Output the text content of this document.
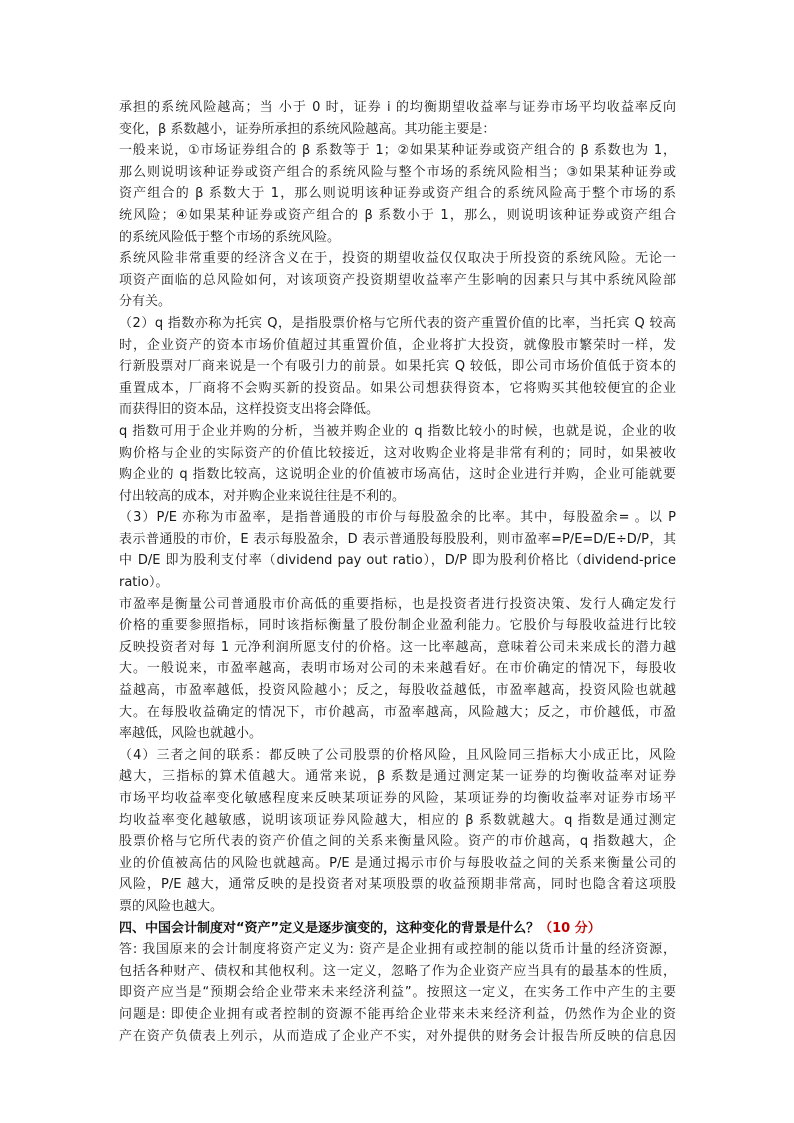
承担的系统风险越高；当 小于 0 时，证券 i 的均衡期望收益率与证券市场平均收益率反向
变化，β 系数越小，证券所承担的系统风险越高。其功能主要是：
一般来说，①市场证券组合的 β 系数等于 1；②如果某种证券或资产组合的 β 系数也为 1，
那么则说明该种证券或资产组合的系统风险与整个市场的系统风险相当；③如果某种证券或
资产组合的 β 系数大于 1，那么则说明该种证券或资产组合的系统风险高于整个市场的系
统风险；④如果某种证券或资产组合的 β 系数小于 1，那么，则说明该种证券或资产组合
的系统风险低于整个市场的系统风险。
系统风险非常重要的经济含义在于，投资的期望收益仅仅取决于所投资的系统风险。无论一
项资产面临的总风险如何，对该项资产投资期望收益率产生影响的因素只与其中系统风险部
分有关。
（2）q 指数亦称为托宾 Q，是指股票价格与它所代表的资产重置价值的比率，当托宾 Q 较高
时，企业资产的资本市场价值超过其重置价值，企业将扩大投资，就像股市繁荣时一样，发
行新股票对厂商来说是一个有吸引力的前景。如果托宾 Q 较低，即公司市场价值低于资本的
重置成本，厂商将不会购买新的投资品。如果公司想获得资本，它将购买其他较便宜的企业
而获得旧的资本品，这样投资支出将会降低。
q 指数可用于企业并购的分析，当被并购企业的 q 指数比较小的时候，也就是说，企业的收
购价格与企业的实际资产的价值比较接近，这对收购企业将是非常有利的；同时，如果被收
购企业的 q 指数比较高，这说明企业的价值被市场高估，这时企业进行并购，企业可能就要
付出较高的成本，对并购企业来说往往是不利的。
（3）P/E 亦称为市盈率，是指普通股的市价与每股盈余的比率。其中，每股盈余= 。以 P
表示普通股的市价，E 表示每股盈余，D 表示普通股每股股利，则市盈率=P/E=D/E÷D/P，其
中 D/E 即为股利支付率（dividend pay out ratio），D/P 即为股利价格比（dividend-price
ratio）。
市盈率是衡量公司普通股市价高低的重要指标，也是投资者进行投资决策、发行人确定发行
价格的重要参照指标，同时该指标衡量了股份制企业盈利能力。它股价与每股收益进行比较
反映投资者对每 1 元净利润所愿支付的价格。这一比率越高，意味着公司未来成长的潜力越
大。一般说来，市盈率越高，表明市场对公司的未来越看好。在市价确定的情况下，每股收
益越高，市盈率越低，投资风险越小；反之，每股收益越低，市盈率越高，投资风险也就越
大。在每股收益确定的情况下，市价越高，市盈率越高，风险越大；反之，市价越低，市盈
率越低，风险也就越小。
（4）三者之间的联系：都反映了公司股票的价格风险，且风险同三指标大小成正比，风险
越大，三指标的算术值越大。通常来说，β 系数是通过测定某一证券的均衡收益率对证券
市场平均收益率变化敏感程度来反映某项证券的风险，某项证券的均衡收益率对证券市场平
均收益率变化越敏感，说明该项证券风险越大，相应的 β 系数就越大。q 指数是通过测定
股票价格与它所代表的资产价值之间的关系来衡量风险。资产的市价越高，q 指数越大，企
业的价值被高估的风险也就越高。P/E 是通过揭示市价与每股收益之间的关系来衡量公司的
风险，P/E 越大，通常反映的是投资者对某项股票的收益预期非常高，同时也隐含着这项股
票的风险也越大。
四、中国会计制度对“资产”定义是逐步演变的，这种变化的背景是什么？（10 分）
答: 我国原来的会计制度将资产定义为: 资产是企业拥有或控制的能以货币计量的经济资源，
包括各种财产、债权和其他权利。这一定义，忽略了作为企业资产应当具有的最基本的性质，
即资产应当是“预期会给企业带来未来经济利益”。按照这一定义，在实务工作中产生的主要
问题是: 即使企业拥有或者控制的资源不能再给企业带来未来经济利益，仍然作为企业的资
产在资产负债表上列示，从而造成了企业产不实，对外提供的财务会计报告所反映的信息因
